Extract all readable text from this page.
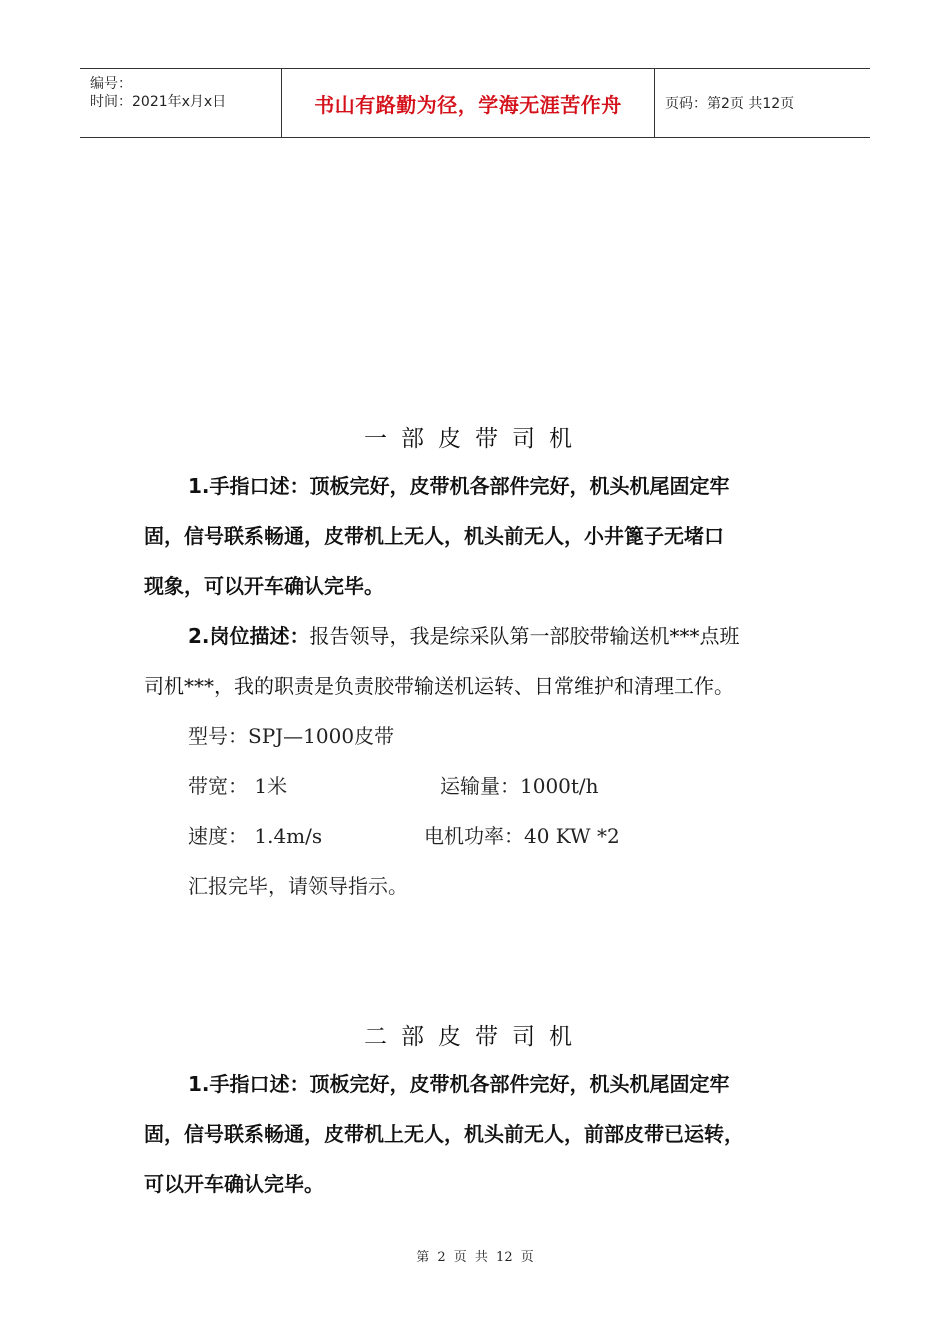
编号：
时间：2021年x月x日	书山有路勤为径，学海无涯苦作舟	页码：第2页 共12页
一部皮带司机
1.手指口述：顶板完好，皮带机各部件完好，机头机尾固定牢
固，信号联系畅通，皮带机上无人，机头前无人，小井篦子无堵口
现象，可以开车确认完毕。
2.岗位描述：报告领导，我是综采队第一部胶带输送机***点班
司机***，我的职责是负责胶带输送机运转、日常维护和清理工作。
型号：SPJ—1000皮带
带宽： 1米	运输量：1000t/h
速度： 1.4m/s	电机功率：40 KW *2
汇报完毕，请领导指示。
二部皮带司机
1.手指口述：顶板完好，皮带机各部件完好，机头机尾固定牢
固，信号联系畅通，皮带机上无人，机头前无人，前部皮带已运转，
可以开车确认完毕。
第 2 页 共 12 页
